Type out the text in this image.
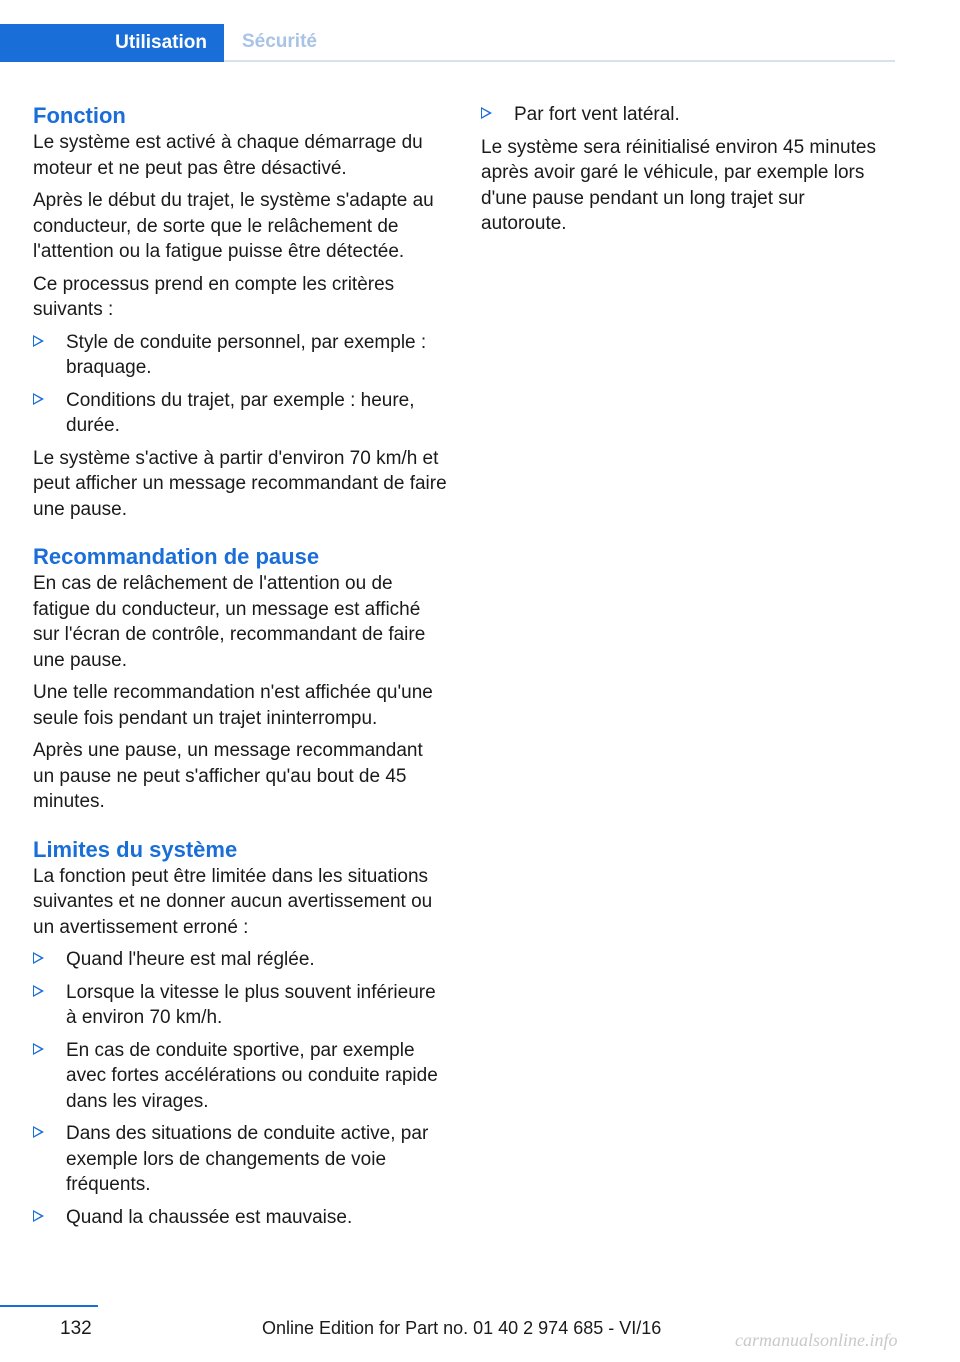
Utilisation	Sécurité
Fonction

Le système est activé à chaque démarrage du moteur et ne peut pas être désactivé.

Après le début du trajet, le système s'adapte au conducteur, de sorte que le relâchement de l'attention ou la fatigue puisse être détectée.

Ce processus prend en compte les critères suivants :

Style de conduite personnel, par exemple : braquage.
Conditions du trajet, par exemple : heure, durée.

Le système s'active à partir d'environ 70 km/h et peut afficher un message recommandant de faire une pause.

Recommandation de pause

En cas de relâchement de l'attention ou de fatigue du conducteur, un message est affiché sur l'écran de contrôle, recommandant de faire une pause.

Une telle recommandation n'est affichée qu'une seule fois pendant un trajet ininterrompu.

Après une pause, un message recommandant un pause ne peut s'afficher qu'au bout de 45 minutes.

Limites du système

La fonction peut être limitée dans les situations suivantes et ne donner aucun avertissement ou un avertissement erroné :

Quand l'heure est mal réglée.
Lorsque la vitesse le plus souvent inférieure à environ 70 km/h.
En cas de conduite sportive, par exemple avec fortes accélérations ou conduite rapide dans les virages.
Dans des situations de conduite active, par exemple lors de changements de voie fréquents.
Quand la chaussée est mauvaise.
Par fort vent latéral.

Le système sera réinitialisé environ 45 minutes après avoir garé le véhicule, par exemple lors d'une pause pendant un long trajet sur autoroute.

132	Online Edition for Part no. 01 40 2 974 685 - VI/16
carmanualsonline.info
